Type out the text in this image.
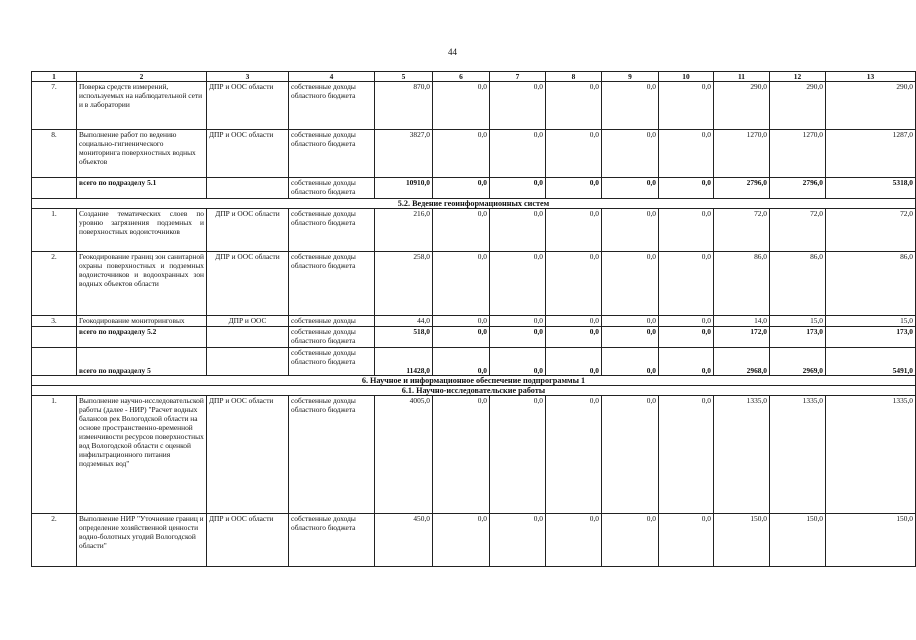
44
1	2	3	4	5	6	7	8	9	10	11	12	13
7.	Поверка средств измерений, используемых на наблюдательной сети и в лаборатории	ДПР и ООС области	собственные доходы областного бюджета	870,0	0,0	0,0	0,0	0,0	0,0	290,0	290,0	290,0
8.	Выполнение работ по ведению социально-гигиенического мониторинга поверхностных водных объектов	ДПР и ООС области	собственные доходы областного бюджета	3827,0	0,0	0,0	0,0	0,0	0,0	1270,0	1270,0	1287,0
	всего по подразделу 5.1		собственные доходы областного бюджета	10910,0	0,0	0,0	0,0	0,0	0,0	2796,0	2796,0	5318,0
5.2. Ведение геоинформационных систем												
1.	Создание тематических слоев по уровню загрязнения подземных и поверхностных водоисточников	ДПР и ООС области	собственные доходы областного бюджета	216,0	0,0	0,0	0,0	0,0	0,0	72,0	72,0	72,0
2.	Геокодирование границ зон санитарной охраны поверхностных и подземных водоисточников и водоохранных зон водных объектов области	ДПР и ООС области	собственные доходы областного бюджета	258,0	0,0	0,0	0,0	0,0	0,0	86,0	86,0	86,0
3.	Геокодирование мониторинговых	ДПР и ООС	собственные доходы	44,0	0,0	0,0	0,0	0,0	0,0	14,0	15,0	15,0
	всего по подразделу 5.2		собственные доходы областного бюджета	518,0	0,0	0,0	0,0	0,0	0,0	172,0	173,0	173,0
	всего по подразделу 5		собственные доходы областного бюджета	11428,0	0,0	0,0	0,0	0,0	0,0	2968,0	2969,0	5491,0
6. Научное и информационное обеспечение подпрограммы 1												
6.1. Научно-исследовательские работы												
1.	Выполнение научно-исследовательской работы (далее - НИР) "Расчет водных балансов рек Вологодской области на основе пространственно-временной изменчивости ресурсов поверхностных вод Вологодской области с оценкой инфильтрационного питания подземных вод"	ДПР и ООС области	собственные доходы областного бюджета	4005,0	0,0	0,0	0,0	0,0	0,0	1335,0	1335,0	1335,0
2.	Выполнение НИР "Уточнение границ и определение хозяйственной ценности водно-болотных угодий Вологодской области"	ДПР и ООС области	собственные доходы областного бюджета	450,0	0,0	0,0	0,0	0,0	0,0	150,0	150,0	150,0
